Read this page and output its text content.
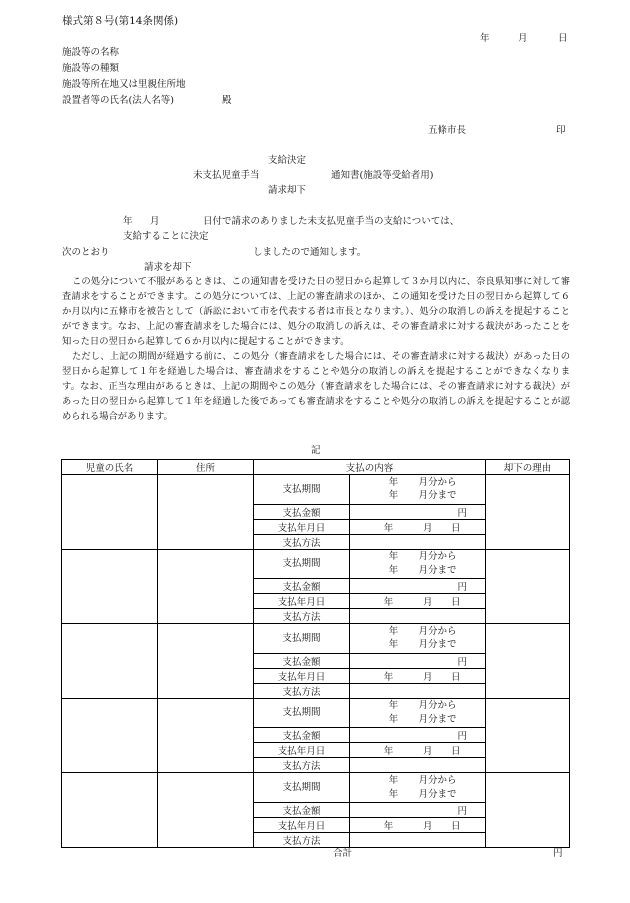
様式第８号(第14条関係)
年	月	日
施設等の名称
施設等の種類
施設等所在地又は里親住所地
設置者等の氏名(法人名等)	殿
五條市長	印
支給決定
未支払児童手当	通知書(施設等受給者用)
請求却下
年 月	日付で請求のありました未支払児童手当の支給については、
支給することに決定
次のとおり	しましたので通知します。
請求を却下

この処分について不服があるときは、この通知書を受けた日の翌日から起算して３か月以内に、奈良県知事に対して審査請求をすることができます。この処分については、上記の審査請求のほか、この通知を受けた日の翌日から起算して６か月以内に五條市を被告として（訴訟において市を代表する者は市長となります。）、処分の取消しの訴えを提起することができます。なお、上記の審査請求をした場合には、処分の取消しの訴えは、その審査請求に対する裁決があったことを知った日の翌日から起算して６か月以内に提起することができます。

ただし、上記の期間が経過する前に、この処分（審査請求をした場合には、その審査請求に対する裁決）があった日の翌日から起算して１年を経過した場合は、審査請求をすることや処分の取消しの訴えを提起することができなくなります。なお、正当な理由があるときは、上記の期間やこの処分（審査請求をした場合には、その審査請求に対する裁決）があった日の翌日から起算して１年を経過した後であっても審査請求をすることや処分の取消しの訴えを提起することが認められる場合があります。

記
児童の氏名	住所	支払の内容		却下の理由
		支払期間	年 月分から
年 月分まで	
		支払金額	円	
		支払年月日	年 月 日	
		支払方法		
		支払期間	年 月分から
年 月分まで	
		支払金額	円	
		支払年月日	年 月 日	
		支払方法		
		支払期間	年 月分から
年 月分まで	
		支払金額	円	
		支払年月日	年 月 日	
		支払方法		
		支払期間	年 月分から
年 月分まで	
		支払金額	円	
		支払年月日	年 月 日	
		支払方法		
		支払期間	年 月分から
年 月分まで	
		支払金額	円	
		支払年月日	年 月 日	
		支払方法		
合計	円
